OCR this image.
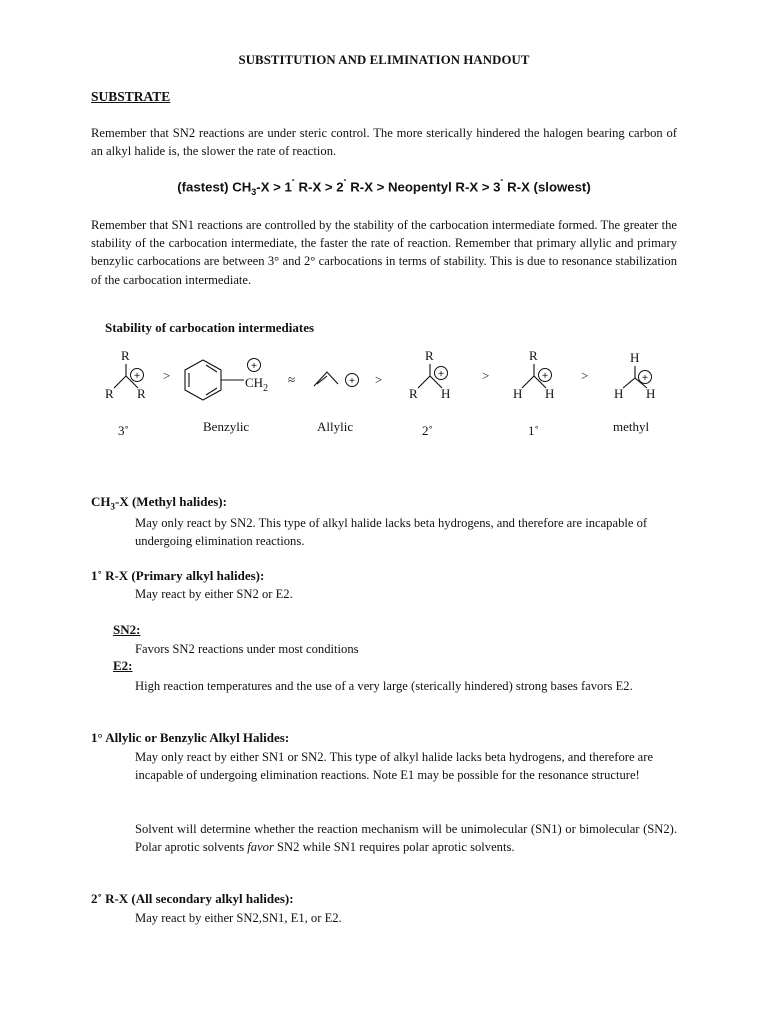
SUBSTITUTION AND ELIMINATION HANDOUT
SUBSTRATE

Remember that SN2 reactions are under steric control. The more sterically hindered the halogen bearing carbon of an alkyl halide is, the slower the rate of reaction.

(fastest) $CH_3-X > 1^˚$ R-X > 2˚ R-X > Neopentyl R-X > 3˚ R-X (slowest)

Remember that SN1 reactions are controlled by the stability of the carbocation intermediate formed. The greater the stability of the carbocation intermediate, the faster the rate of reaction. Remember that primary allylic and primary benzylic carbocations are between 3° and 2° carbocations in terms of stability. This is due to resonance stabilization of the carbocation intermediate.

Stability of carbocation intermediates
R
R R
$CH_2$
R
R H
R
H H
H
H H
>	≈	>	>	>
3˚	Benzylic	Allylic	2˚	1˚	methyl
+
+
+
+	+	+
$CH_3-X$ (Methyl halides):

May only react by SN2. This type of alkyl halide lacks beta hydrogens, and therefore are incapable of undergoing elimination reactions.

1˚ R-X (Primary alkyl halides):

May react by either SN2 or E2.

SN2:

Favors SN2 reactions under most conditions

E2:

High reaction temperatures and the use of a very large (sterically hindered) strong bases favors E2.

1° Allylic or Benzylic Alkyl Halides:

May only react by either SN1 or SN2. This type of alkyl halide lacks beta hydrogens, and therefore are incapable of undergoing elimination reactions. Note E1 may be possible for the resonance structure!

Solvent will determine whether the reaction mechanism will be unimolecular (SN1) or bimolecular (SN2). Polar aprotic solvents favor SN2 while SN1 requires polar aprotic solvents.

2˚ R-X (All secondary alkyl halides):

May react by either SN2,SN1, E1, or E2.
